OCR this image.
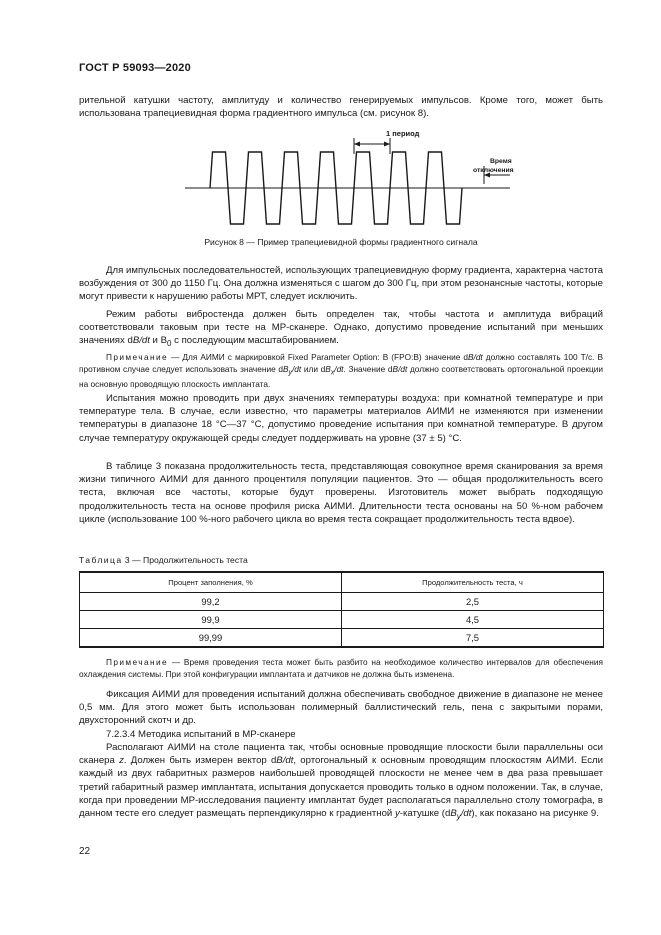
ГОСТ Р 59093—2020

рительной катушки частоту, амплитуду и количество генерируемых импульсов. Кроме того, может быть использована трапециевидная форма градиентного импульса (см. рисунок 8).

1 период
Время
отключения
Рисунок 8 — Пример трапециевидной формы градиентного сигнала

Для импульсных последовательностей, использующих трапециевидную форму градиента, характерна частота возбуждения от 300 до 1150 Гц. Она должна изменяться с шагом до 300 Гц, при этом резонансные частоты, которые могут привести к нарушению работы МРТ, следует исключить.

Режим работы вибростенда должен быть определен так, чтобы частота и амплитуда вибраций соответствовали таковым при тесте на МР-сканере. Однако, допустимо проведение испытаний при меньших значениях dB/dt и $B_0$ с последующим масштабированием.

Примечание — Для АИМИ с маркировкой Fixed Parameter Option: B (FPO:B) значение dB/dt должно составлять 100 Т/с. В противном случае следует использовать значение $dB_y/dt$ или $dB_x/dt$. Значение dB/dt должно соответствовать ортогональной проекции на основную проводящую плоскость имплантата.

Испытания можно проводить при двух значениях температуры воздуха: при комнатной температуре и при температуре тела. В случае, если известно, что параметры материалов АИМИ не изменяются при изменении температуры в диапазоне 18 °С—37 °С, допустимо проведение испытания при комнатной температуре. В другом случае температуру окружающей среды следует поддерживать на уровне (37 ± 5) °С.

В таблице 3 показана продолжительность теста, представляющая совокупное время сканирования за время жизни типичного АИМИ для данного процентиля популяции пациентов. Это — общая продолжительность всего теста, включая все частоты, которые будут проверены. Изготовитель может выбрать подходящую продолжительность теста на основе профиля риска АИМИ. Длительности теста основаны на 50 %-ном рабочем цикле (использование 100 %-ного рабочего цикла во время теста сокращает продолжительность теста вдвое).

Таблица 3 — Продолжительность теста
Процент заполнения, %	Продолжительность теста, ч
99,2	2,5
99,9	4,5
99,99	7,5

Примечание — Время проведения теста может быть разбито на необходимое количество интервалов для обеспечения охлаждения системы. При этой конфигурации имплантата и датчиков не должна быть изменена.

Фиксация АИМИ для проведения испытаний должна обеспечивать свободное движение в диапазоне не менее 0,5 мм. Для этого может быть использован полимерный баллистический гель, пена с закрытыми порами, двухсторонний скотч и др.

7.2.3.4 Методика испытаний в МР-сканере

Располагают АИМИ на столе пациента так, чтобы основные проводящие плоскости были параллельны оси сканера z. Должен быть измерен вектор dB/dt, ортогональный к основным проводящим плоскостям АИМИ. Если каждый из двух габаритных размеров наибольшей проводящей плоскости не менее чем в два раза превышает третий габаритный размер имплантата, испытания допускается проводить только в одном положении. Так, в случае, когда при проведении МР-исследования пациенту имплантат будет располагаться параллельно столу томографа, в данном тесте его следует размещать перпендикулярно к градиентной y-катушке $(dB_y/dt)$, как показано на рисунке 9.

22
